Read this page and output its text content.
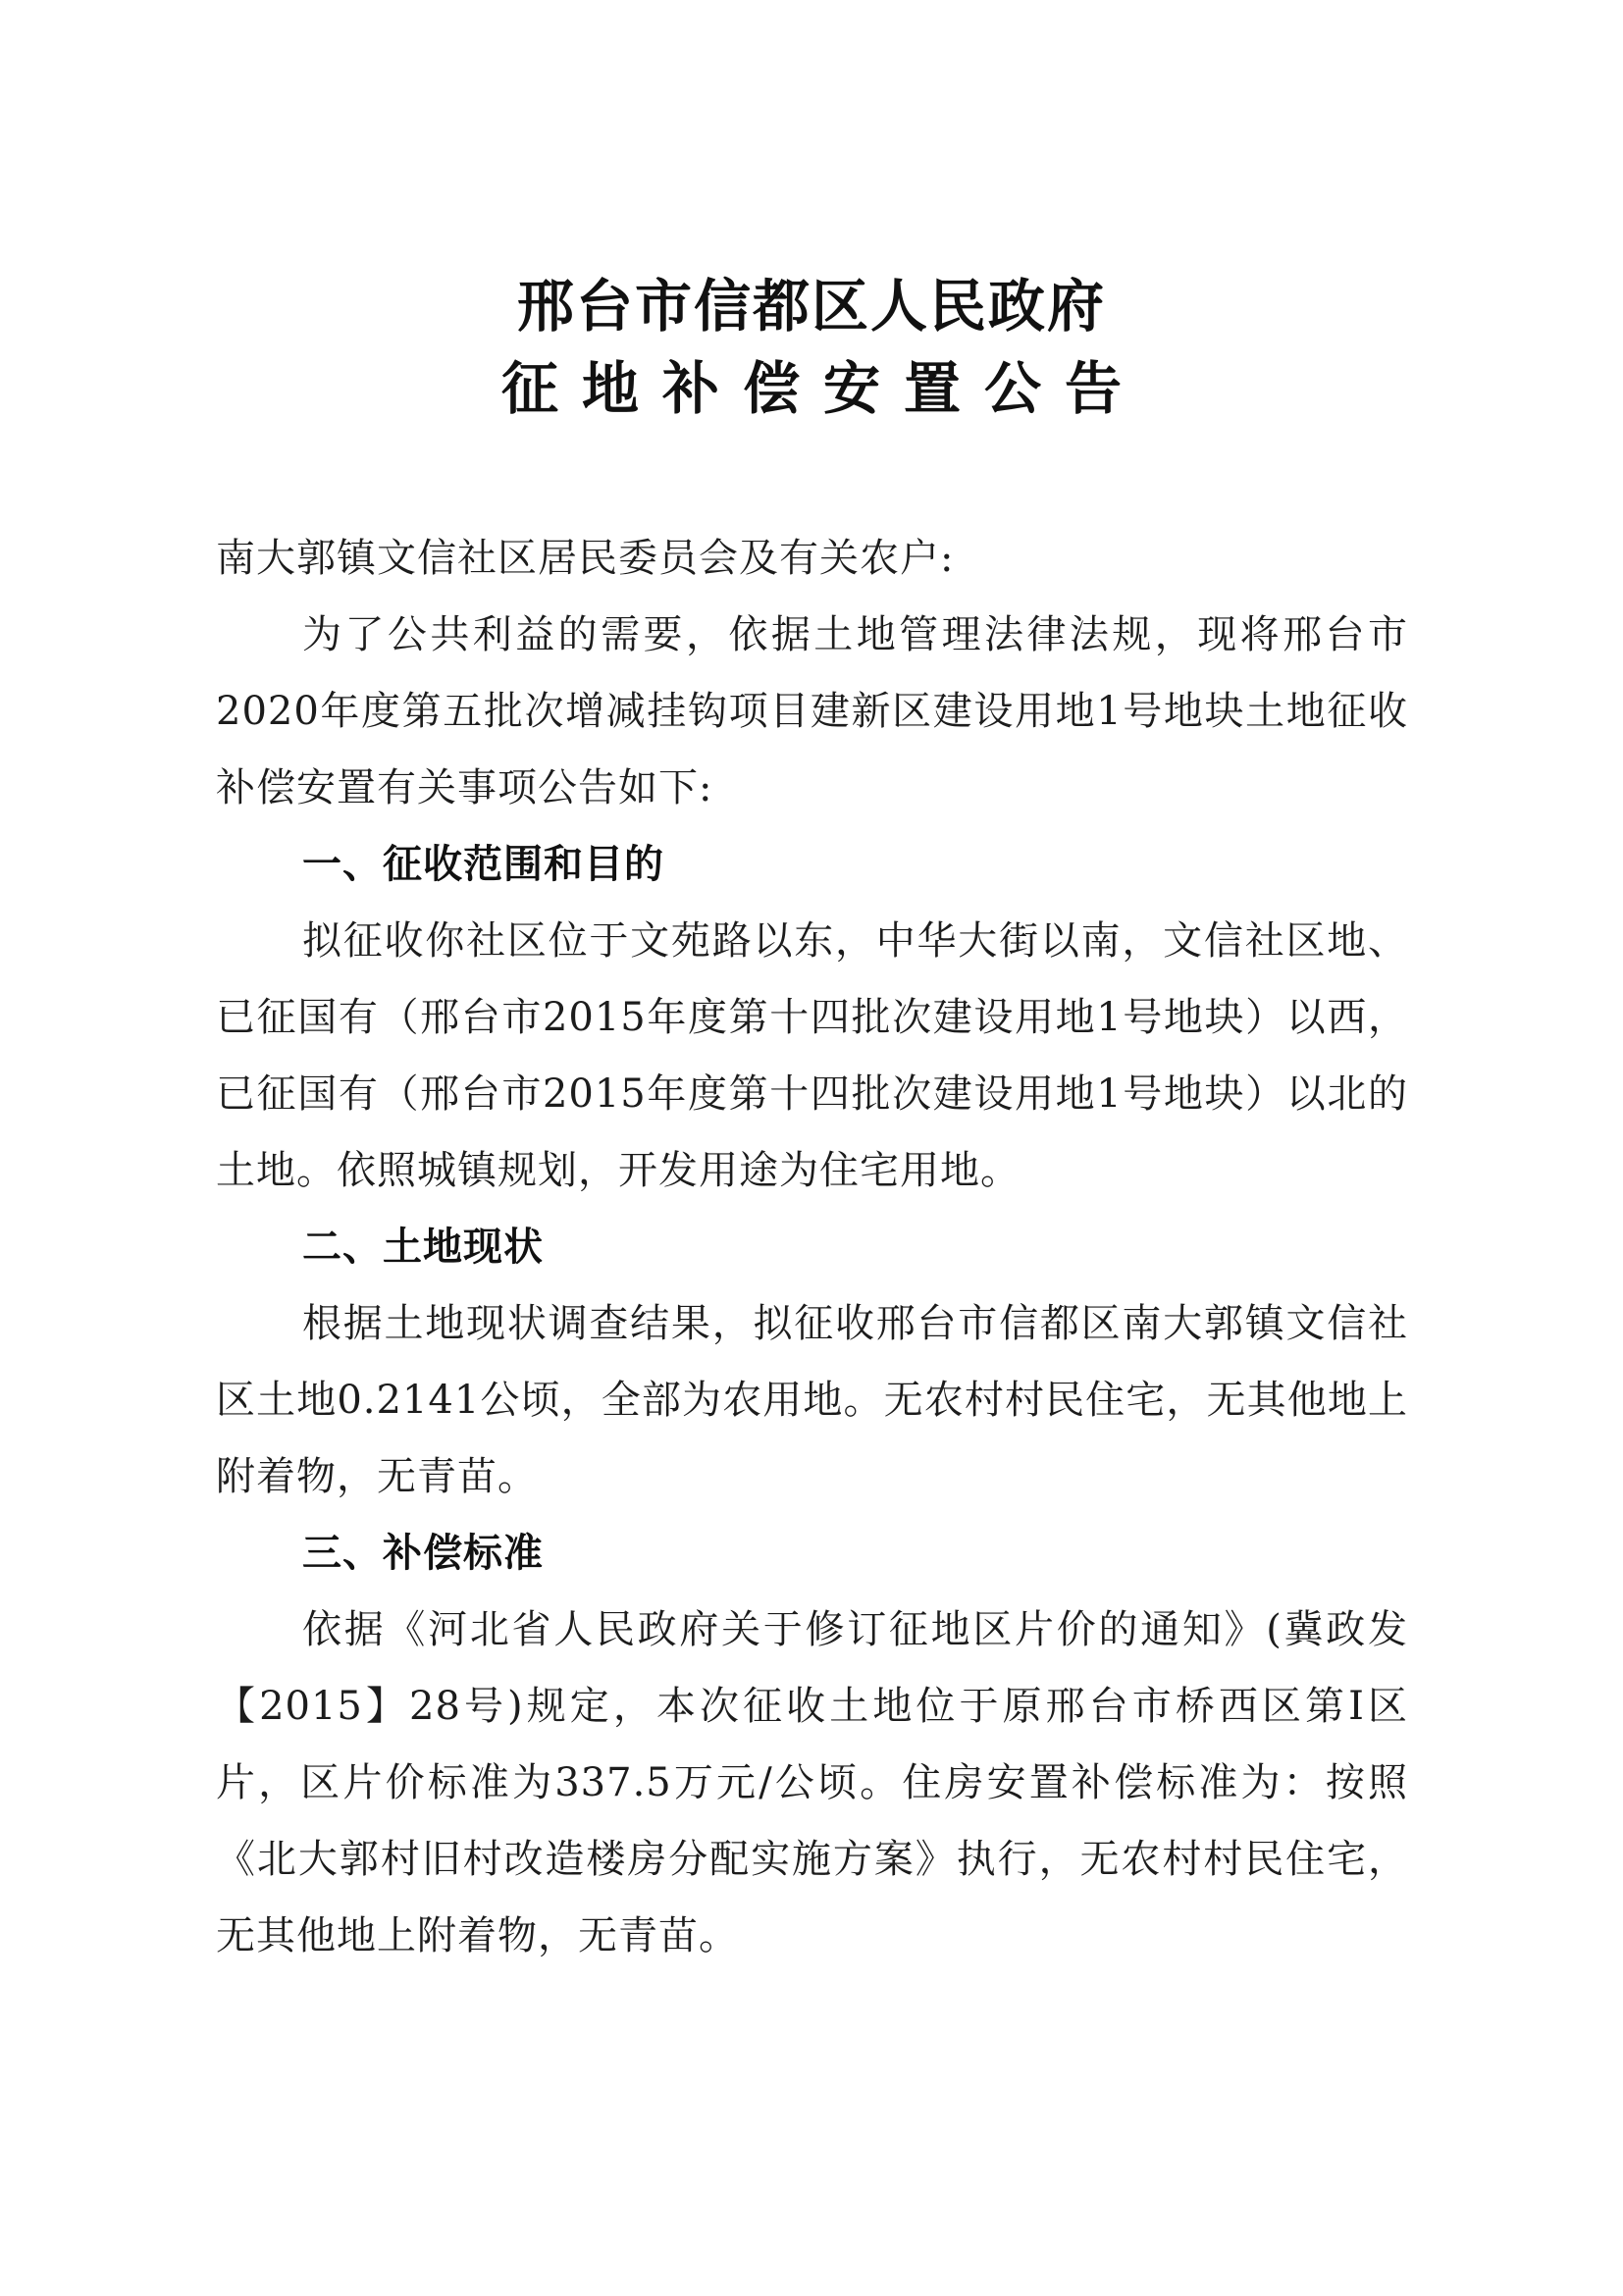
邢台市信都区人民政府
征地补偿安置公告

南大郭镇文信社区居民委员会及有关农户:

为了公共利益的需要，依据土地管理法律法规，现将邢台市2020年度第五批次增减挂钩项目建新区建设用地1号地块土地征收补偿安置有关事项公告如下:

一、征收范围和目的

拟征收你社区位于文苑路以东，中华大街以南，文信社区地、已征国有（邢台市2015年度第十四批次建设用地1号地块）以西，已征国有（邢台市2015年度第十四批次建设用地1号地块）以北的土地。依照城镇规划，开发用途为住宅用地。

二、土地现状

根据土地现状调查结果，拟征收邢台市信都区南大郭镇文信社区土地0.2141公顷，全部为农用地。无农村村民住宅，无其他地上附着物，无青苗。

三、补偿标准

依据《河北省人民政府关于修订征地区片价的通知》(冀政发【2015】28号)规定，本次征收土地位于原邢台市桥西区第Ⅰ区片，区片价标准为337.5万元/公顷。住房安置补偿标准为：按照《北大郭村旧村改造楼房分配实施方案》执行，无农村村民住宅，无其他地上附着物，无青苗。
